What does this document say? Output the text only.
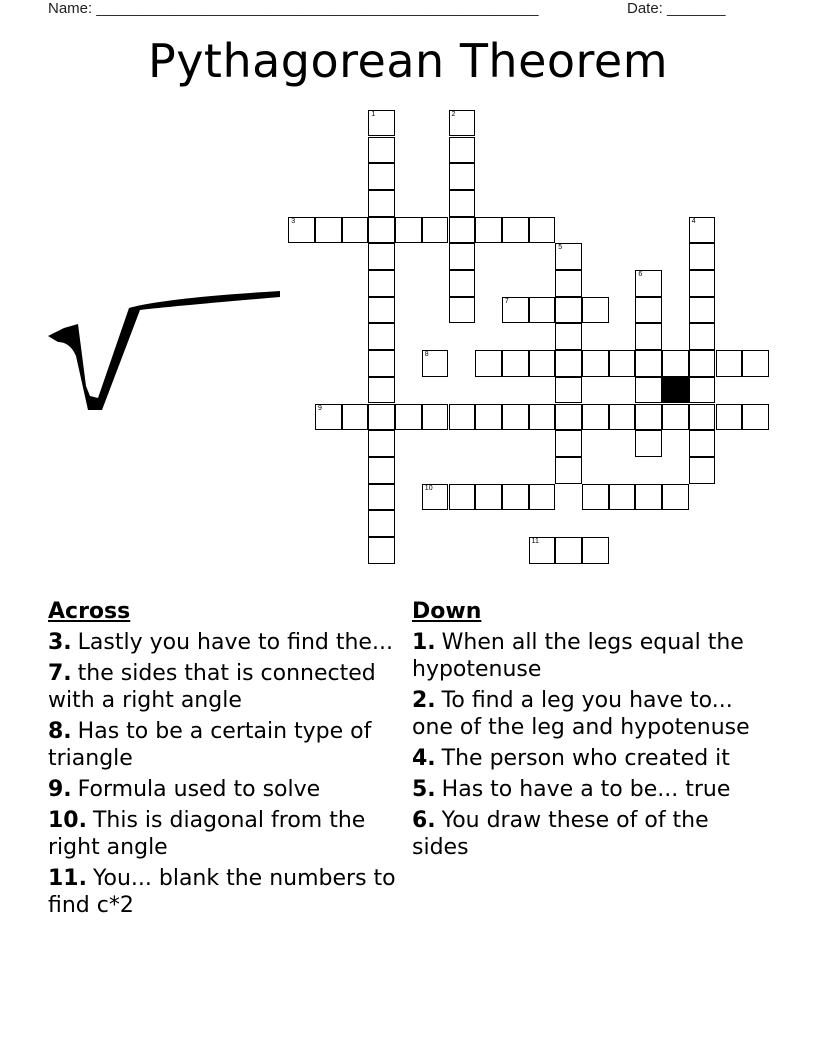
Name: _____________________________________________________	Date: _______
Pythagorean Theorem
1	2
3	4
5
6
7
8
9
10
11
Across
3. Lastly you have to find the...
7. the sides that is connected with a right angle
8. Has to be a certain type of triangle
9. Formula used to solve
10. This is diagonal from the right angle
11. You... blank the numbers to find c*2
Down
1. When all the legs equal the hypotenuse
2. To find a leg you have to... one of the leg and hypotenuse
4. The person who created it
5. Has to have a to be... true
6. You draw these of of the sides
